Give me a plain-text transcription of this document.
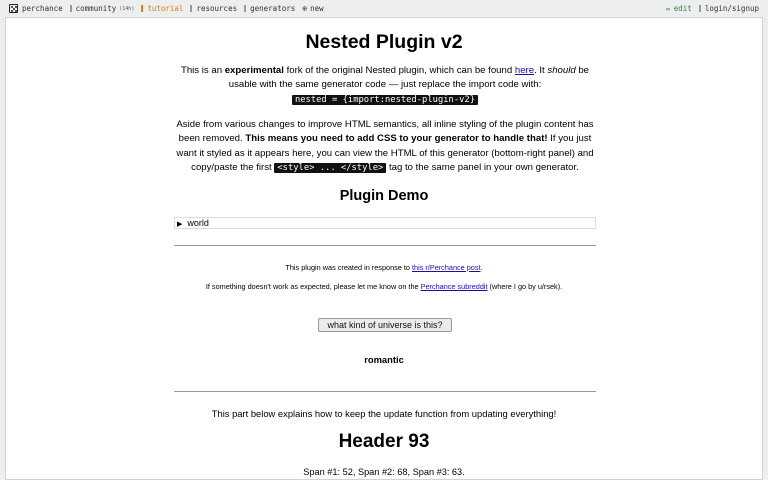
perchance community (14h) tutorial resources generators ⊕ new	✏ edit login/signup
Nested Plugin v2

This is an experimental fork of the original Nested plugin, which can be found here. It should be usable with the same generator code — just replace the import code with:
nested = {import:nested-plugin-v2}

Aside from various changes to improve HTML semantics, all inline styling of the plugin content has been removed. This means you need to add CSS to your generator to handle that! If you just want it styled as it appears here, you can view the HTML of this generator (bottom-right panel) and copy/paste the first <style> ... </style> tag to the same panel in your own generator.

Plugin Demo
▶ world

This plugin was created in response to this r/Perchance post.

If something doesn't work as expected, please let me know on the Perchance subreddit (where I go by u/rsek).

what kind of universe is this?

romantic

This part below explains how to keep the update function from updating everything!

Header 93

Span #1: 52, Span #2: 68, Span #3: 63.
